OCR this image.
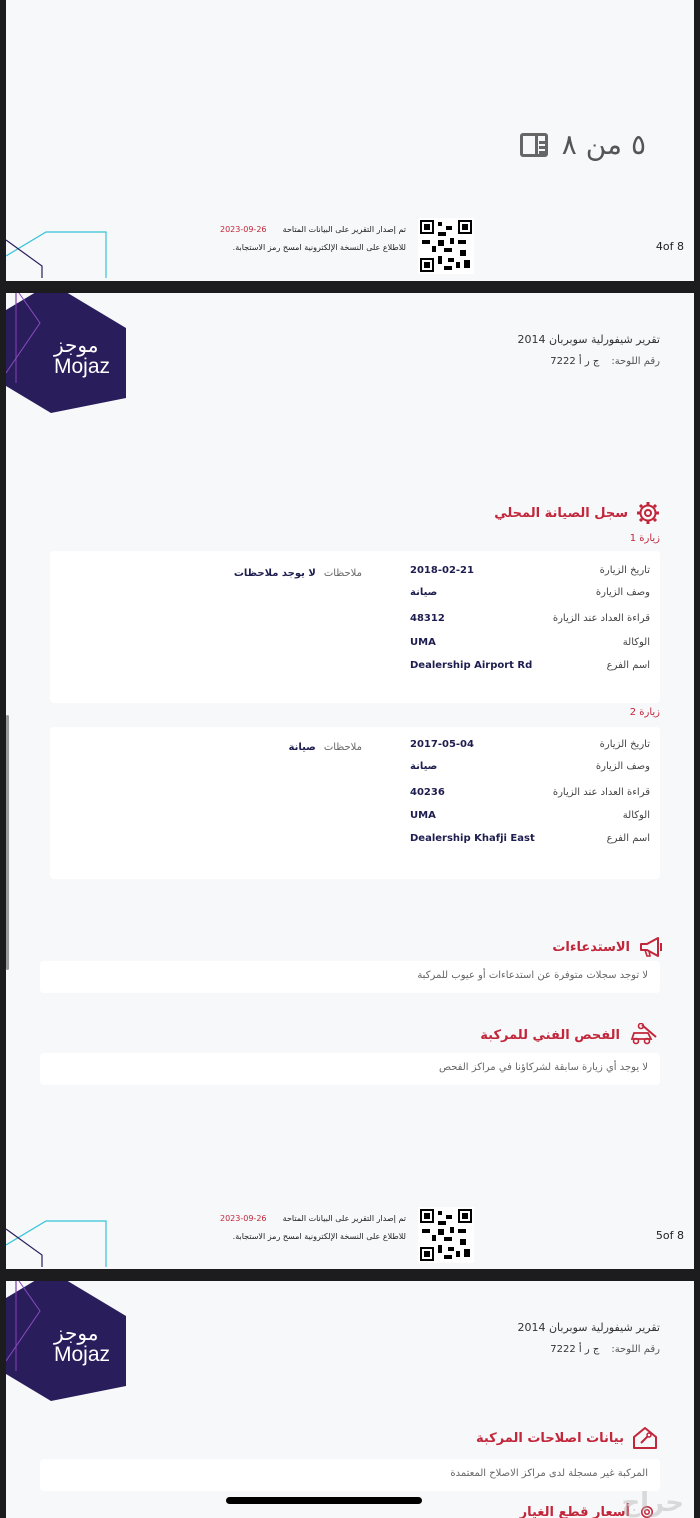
٥ من ٨
2023-09-26 تم إصدار التقرير على البيانات المتاحة
للاطلاع على النسخة الإلكترونية امسح رمز الاستجابة.	4of 8
موجز
Mojaz
تقرير شيفورلية سوبربان 2014
رقم اللوحة:ج ر أ 7222
سجل الصيانة المحلي
زيارة 1
تاريخ الزيارة
2018-02-21
وصف الزيارة
صيانة
قراءة العداد عند الزيارة
48312
الوكالة
UMA
اسم الفرع
Dealership Airport Rd
ملاحظات
لا يوجد ملاحظات
زيارة 2
تاريخ الزيارة
2017-05-04
وصف الزيارة
صيانة
قراءة العداد عند الزيارة
40236
الوكالة
UMA
اسم الفرع
Dealership Khafji East
ملاحظات
صيانة
الاستدعاءات
لا توجد سجلات متوفرة عن استدعاءات أو عيوب للمركبة
الفحص الفني للمركبة
لا يوجد أي زيارة سابقة لشركاؤنا في مراكز الفحص
2023-09-26 تم إصدار التقرير على البيانات المتاحة
للاطلاع على النسخة الإلكترونية امسح رمز الاستجابة.	5of 8
موجز
Mojaz
تقرير شيفورلية سوبربان 2014
رقم اللوحة:ج ر أ 7222
بيانات اصلاحات المركبة
المركبة غير مسجلة لدى مراكز الاصلاح المعتمدة
أسعار قطع الغيار
حراج
